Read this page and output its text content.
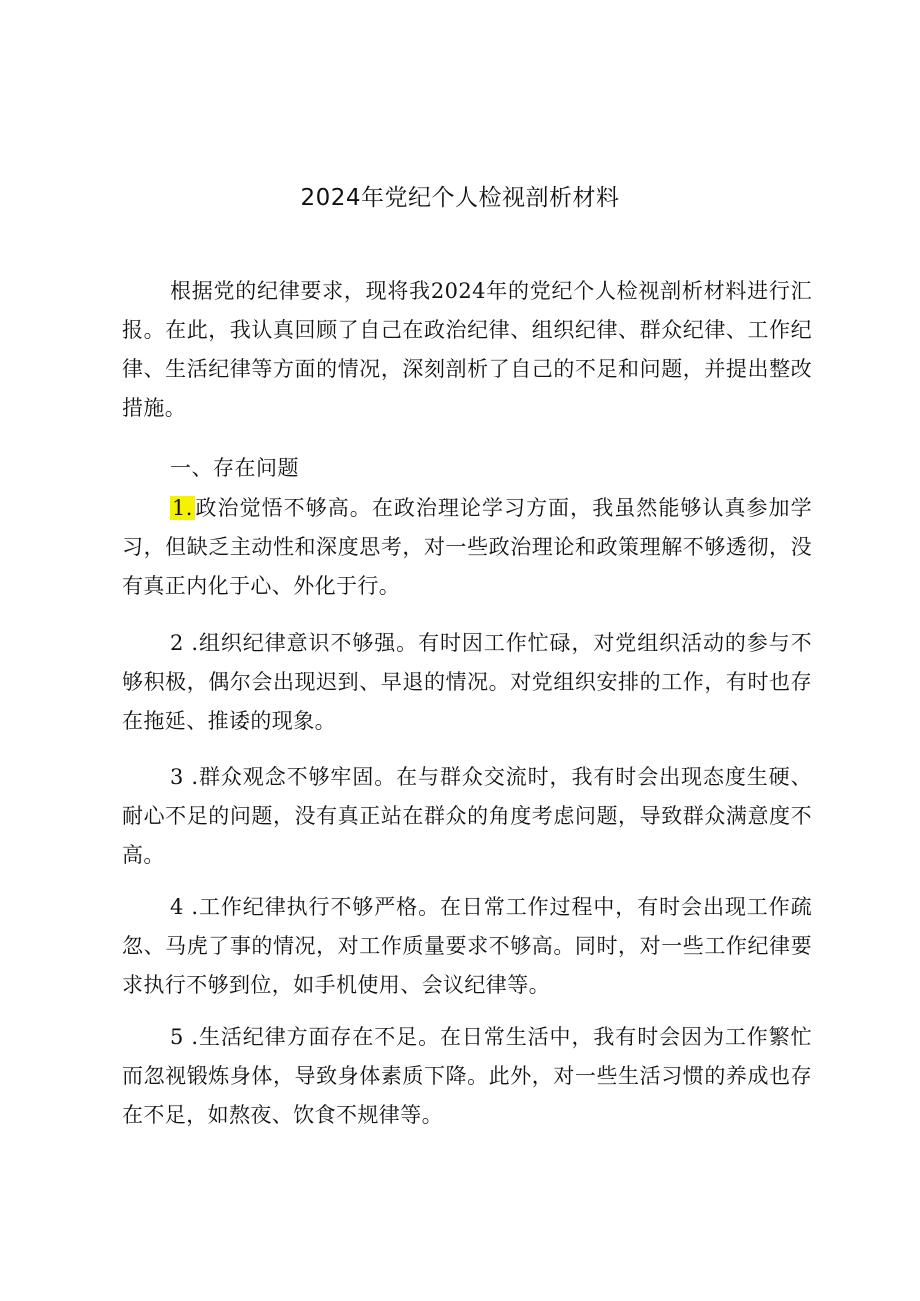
2024年党纪个人检视剖析材料

根据党的纪律要求，现将我2024年的党纪个人检视剖析材料进行汇报。在此，我认真回顾了自己在政治纪律、组织纪律、群众纪律、工作纪律、生活纪律等方面的情况，深刻剖析了自己的不足和问题，并提出整改措施。

一、存在问题

1.政治觉悟不够高。在政治理论学习方面，我虽然能够认真参加学习，但缺乏主动性和深度思考，对一些政治理论和政策理解不够透彻，没有真正内化于心、外化于行。

2 .组织纪律意识不够强。有时因工作忙碌，对党组织活动的参与不够积极，偶尔会出现迟到、早退的情况。对党组织安排的工作，有时也存在拖延、推诿的现象。

3 .群众观念不够牢固。在与群众交流时，我有时会出现态度生硬、耐心不足的问题，没有真正站在群众的角度考虑问题，导致群众满意度不高。

4 .工作纪律执行不够严格。在日常工作过程中，有时会出现工作疏忽、马虎了事的情况，对工作质量要求不够高。同时，对一些工作纪律要求执行不够到位，如手机使用、会议纪律等。

5 .生活纪律方面存在不足。在日常生活中，我有时会因为工作繁忙而忽视锻炼身体，导致身体素质下降。此外，对一些生活习惯的养成也存在不足，如熬夜、饮食不规律等。
